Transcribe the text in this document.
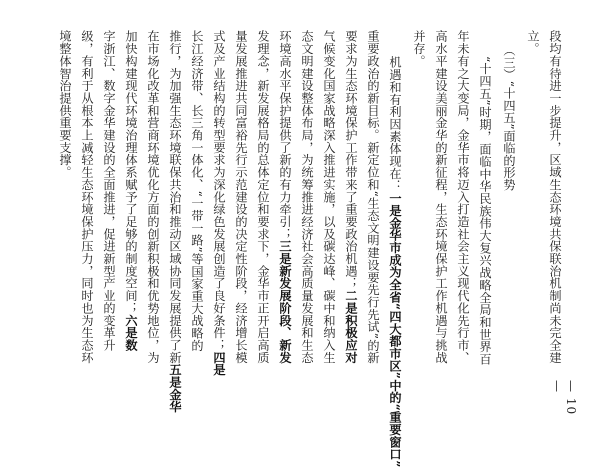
段均有待进一步提升，区域生态环境共保联治机制尚未完全建
立。
（三）“十四五”面临的形势
“十四五”时期，面临中华民族伟大复兴战略全局和世界百
年未有之大变局，金华市将迈入打造社会主义现代化先行市、
高水平建设美丽金华的新征程，生态环境保护工作机遇与挑战
并存。
机遇和有利因素体现在：一是金华市成为全省“四大都市区”中的“重要窗口”
重要政治的新目标。新定位和“生态文明建设要先行先试”的新
要求为生态环境保护工作带来了重要政治机遇；二是积极应对
气候变化国家战略深入推进实施，以及碳达峰、碳中和纳入生
态文明建设整体布局，为统筹推进经济社会高质量发展和生态
环境高水平保护提供了新的有力牵引；三是新发展阶段、新发
发理念，新发展格局的总体定位和要求下，金华市正开启高质
量发展推进共同富裕先行示范建设的决定性阶段，经济增长模
式及产业结构的转型要求为深化绿色发展创造了良好条件；四是
长江经济带、长三角一体化、“一带一路”等国家重大战略的
推行，为加强生态环境联保共治和推动区域协同发展提供了新五是金华
在市场化改革和营商环境优化方面的创新积极和优势地位，为
加快构建现代环境治理体系赋予了足够的制度空间；六是数
字浙江、数字金华建设的全面推进，促进新型产业的变革升
级，有利于从根本上减轻生态环境保护压力，同时也为生态环
境整体智治提供重要支撑。
— 10 —
